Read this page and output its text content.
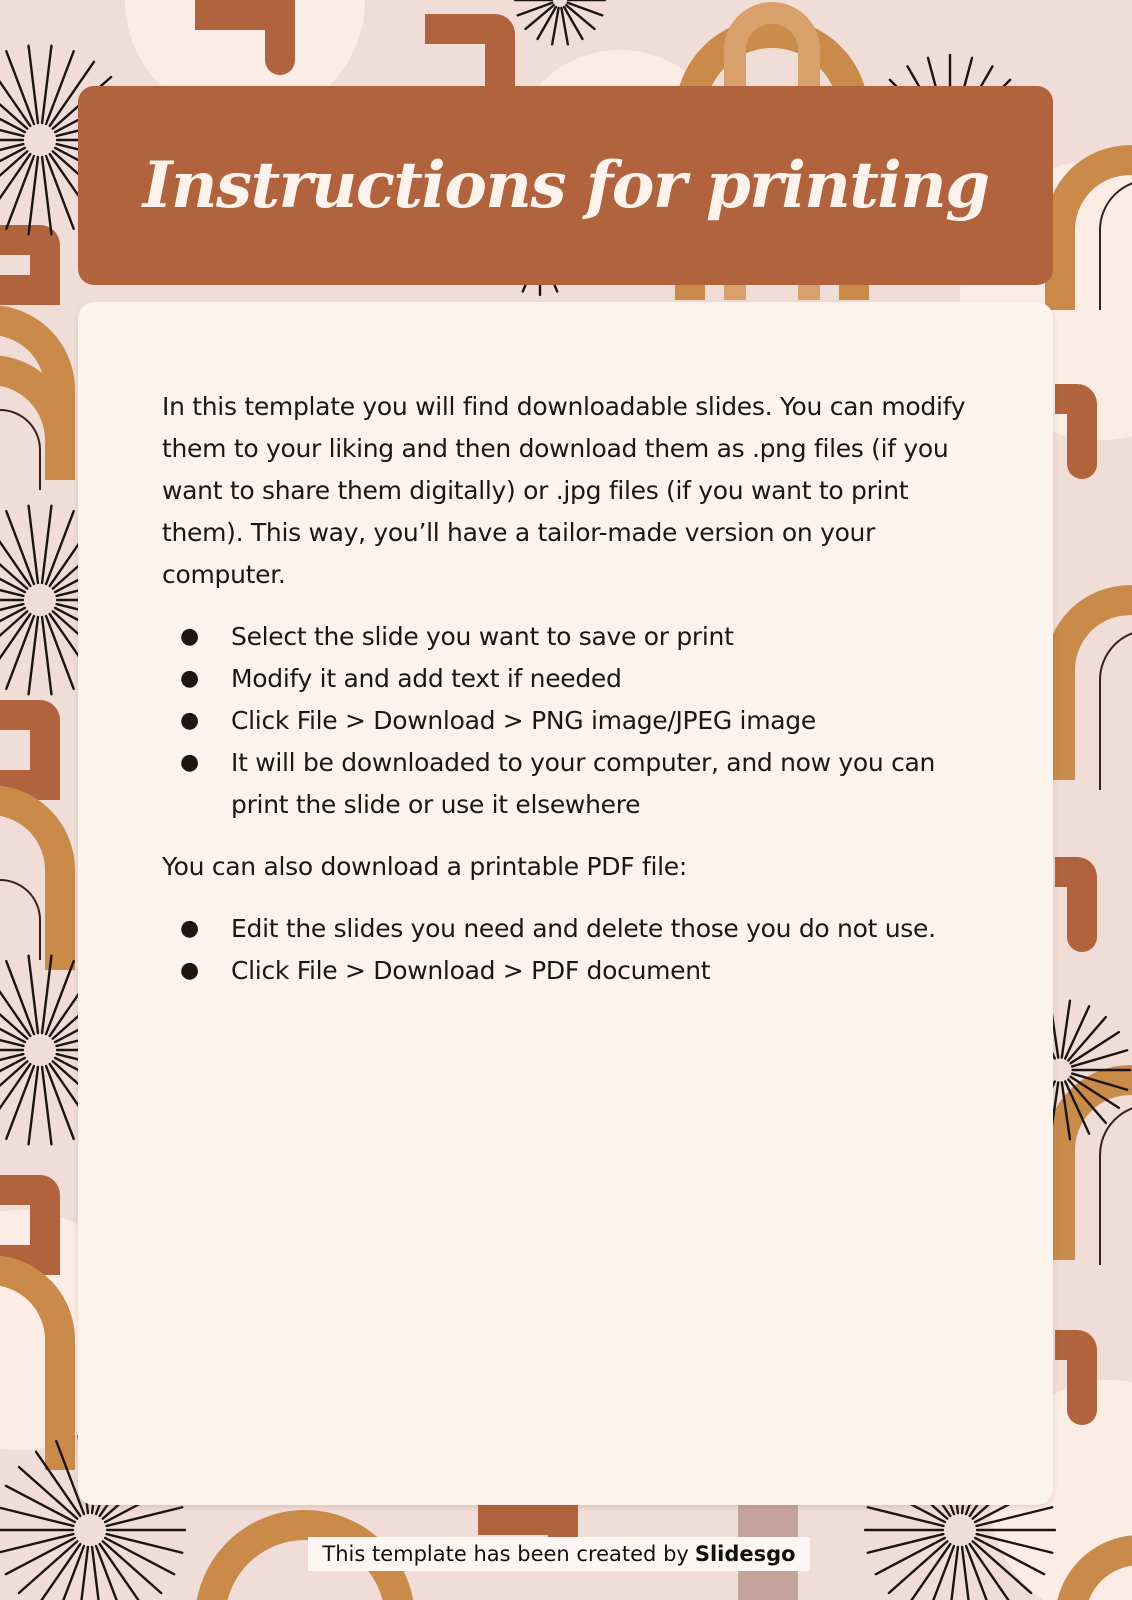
Instructions for printing

In this template you will find downloadable slides. You can modify them to your liking and then download them as .png files (if you want to share them digitally) or .jpg files (if you want to print them). This way, you’ll have a tailor-made version on your computer.

● Select the slide you want to save or print
● Modify it and add text if needed
● Click File > Download > PNG image/JPEG image
● It will be downloaded to your computer, and now you can print the slide or use it elsewhere

You can also download a printable PDF file:

● Edit the slides you need and delete those you do not use.
● Click File > Download > PDF document
This template has been created by Slidesgo
